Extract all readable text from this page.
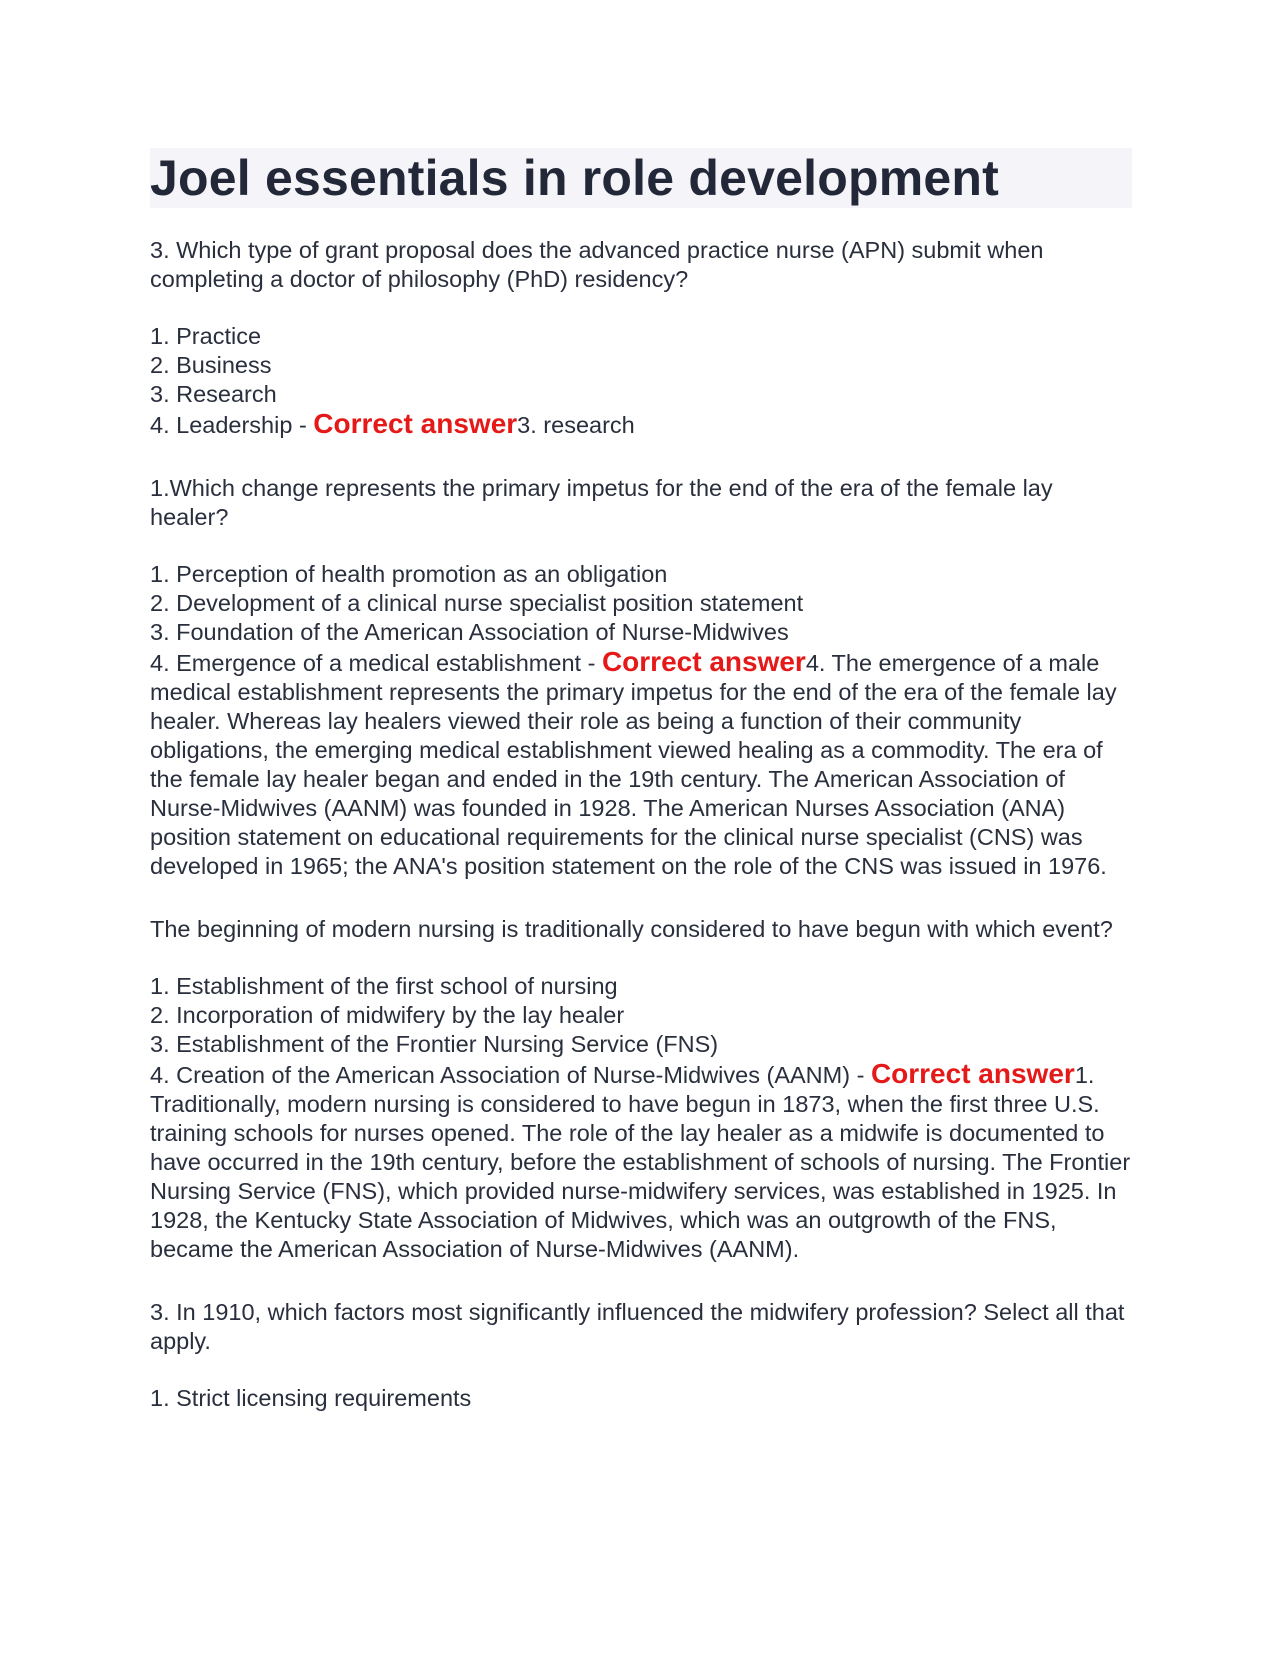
Joel essentials in role development

3. Which type of grant proposal does the advanced practice nurse (APN) submit when completing a doctor of philosophy (PhD) residency?

1. Practice
2. Business
3. Research
4. Leadership - Correct answer3. research

1.Which change represents the primary impetus for the end of the era of the female lay healer?

1. Perception of health promotion as an obligation
2. Development of a clinical nurse specialist position statement
3. Foundation of the American Association of Nurse-Midwives
4. Emergence of a medical establishment - Correct answer4. The emergence of a male medical establishment represents the primary impetus for the end of the era of the female lay healer. Whereas lay healers viewed their role as being a function of their community obligations, the emerging medical establishment viewed healing as a commodity. The era of the female lay healer began and ended in the 19th century. The American Association of Nurse-Midwives (AANM) was founded in 1928. The American Nurses Association (ANA) position statement on educational requirements for the clinical nurse specialist (CNS) was developed in 1965; the ANA's position statement on the role of the CNS was issued in 1976.

The beginning of modern nursing is traditionally considered to have begun with which event?

1. Establishment of the first school of nursing
2. Incorporation of midwifery by the lay healer
3. Establishment of the Frontier Nursing Service (FNS)
4. Creation of the American Association of Nurse-Midwives (AANM) - Correct answer1. Traditionally, modern nursing is considered to have begun in 1873, when the first three U.S. training schools for nurses opened. The role of the lay healer as a midwife is documented to have occurred in the 19th century, before the establishment of schools of nursing. The Frontier Nursing Service (FNS), which provided nurse-midwifery services, was established in 1925. In 1928, the Kentucky State Association of Midwives, which was an outgrowth of the FNS, became the American Association of Nurse-Midwives (AANM).

3. In 1910, which factors most significantly influenced the midwifery profession? Select all that apply.

1. Strict licensing requirements
